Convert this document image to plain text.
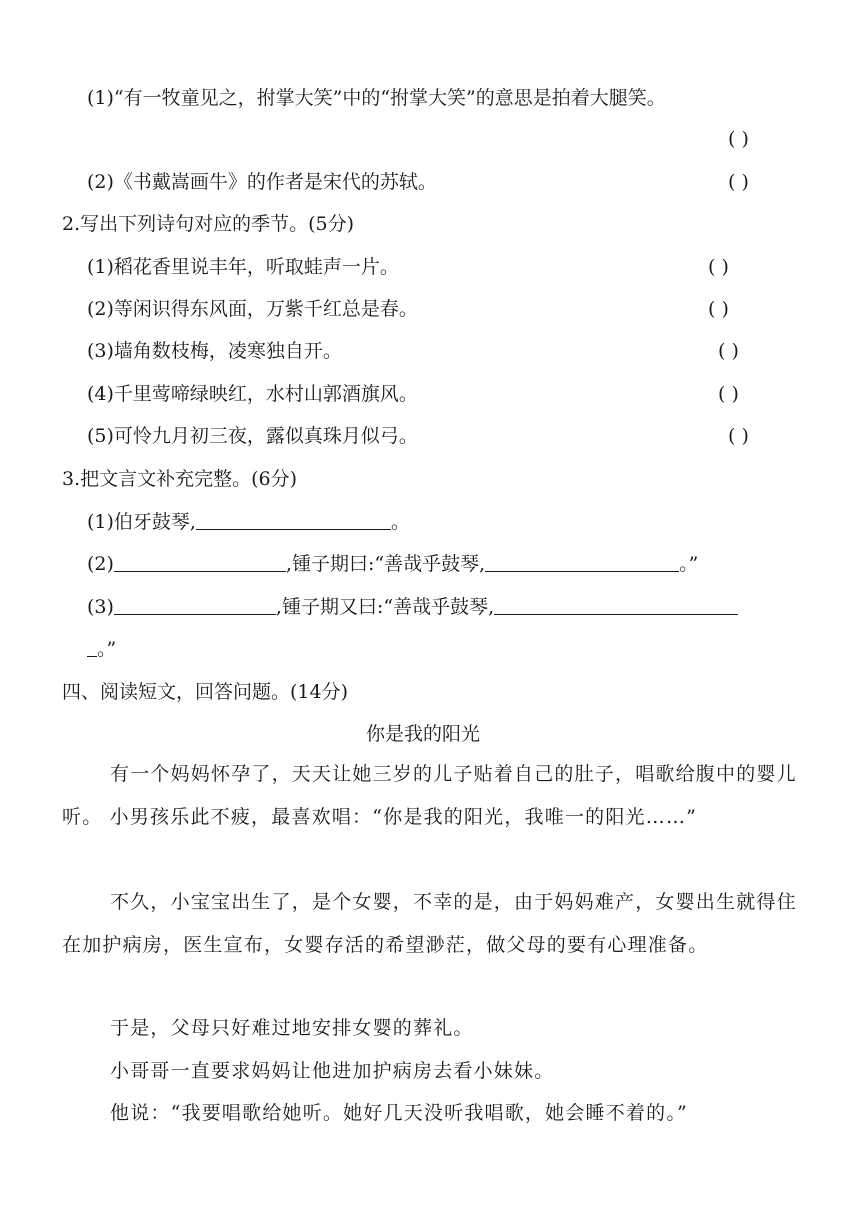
(1)“有一牧童见之，拊掌大笑”中的“拊掌大笑”的意思是拍着大腿笑。
( )
(2)《书戴嵩画牛》的作者是宋代的苏轼。	( )
2.写出下列诗句对应的季节。(5分)
(1)稻花香里说丰年，听取蛙声一片。	( )
(2)等闲识得东风面，万紫千红总是春。	( )
(3)墙角数枝梅，凌寒独自开。	( )
(4)千里莺啼绿映红，水村山郭酒旗风。	( )
(5)可怜九月初三夜，露似真珠月似弓。	( )
3.把文言文补充完整。(6分)
(1)伯牙鼓琴,	。
(2)	,锺子期曰:“善哉乎鼓琴,	。”
(3)	,锺子期又曰:“善哉乎鼓琴,
。”
四、阅读短文，回答问题。(14分)
你是我的阳光
有一个妈妈怀孕了，天天让她三岁的儿子贴着自己的肚子，唱歌给腹中的婴儿听。 小男孩乐此不疲，最喜欢唱：“你是我的阳光，我唯一的阳光……”
不久，小宝宝出生了，是个女婴，不幸的是，由于妈妈难产，女婴出生就得住在加护病房，医生宣布，女婴存活的希望渺茫，做父母的要有心理准备。
于是，父母只好难过地安排女婴的葬礼。
小哥哥一直要求妈妈让他进加护病房去看小妹妹。
他说：“我要唱歌给她听。她好几天没听我唱歌，她会睡不着的。”
